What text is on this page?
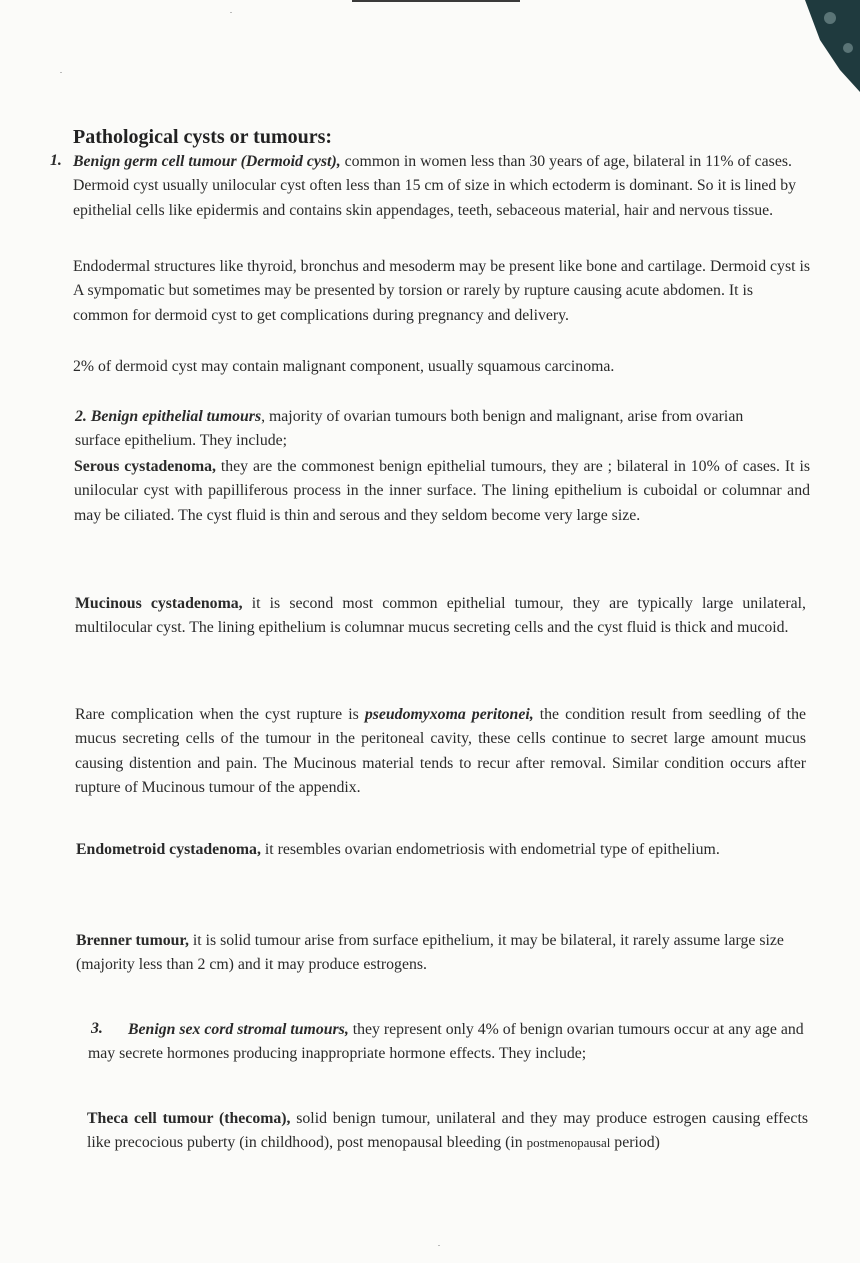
Pathological cysts or tumours:
1. Benign germ cell tumour (Dermoid cyst), common in women less than 30 years of age, bilateral in 11% of cases. Dermoid cyst usually unilocular cyst often less than 15 cm of size in which ectoderm is dominant. So it is lined by epithelial cells like epidermis and contains skin appendages, teeth, sebaceous material, hair and nervous tissue.

Endodermal structures like thyroid, bronchus and mesoderm may be present like bone and cartilage. Dermoid cyst is A sympomatic but sometimes may be presented by torsion or rarely by rupture causing acute abdomen. It is common for dermoid cyst to get complications during pregnancy and delivery.

2% of dermoid cyst may contain malignant component, usually squamous carcinoma.

2. Benign epithelial tumours, majority of ovarian tumours both benign and malignant, arise from ovarian surface epithelium. They include;

Serous cystadenoma, they are the commonest benign epithelial tumours, they are ; bilateral in 10% of cases. It is unilocular cyst with papilliferous process in the inner surface. The lining epithelium is cuboidal or columnar and may be ciliated. The cyst fluid is thin and serous and they seldom become very large size.

Mucinous cystadenoma, it is second most common epithelial tumour, they are typically large unilateral, multilocular cyst. The lining epithelium is columnar mucus secreting cells and the cyst fluid is thick and mucoid.

Rare complication when the cyst rupture is pseudomyxoma peritonei, the condition result from seedling of the mucus secreting cells of the tumour in the peritoneal cavity, these cells continue to secret large amount mucus causing distention and pain. The Mucinous material tends to recur after removal. Similar condition occurs after rupture of Mucinous tumour of the appendix.

Endometroid cystadenoma, it resembles ovarian endometriosis with endometrial type of epithelium.

Brenner tumour, it is solid tumour arise from surface epithelium, it may be bilateral, it rarely assume large size (majority less than 2 cm) and it may produce estrogens.

3.	Benign sex cord stromal tumours, they represent only 4% of benign ovarian tumours occur at any age and may secrete hormones producing inappropriate hormone effects. They include;

Theca cell tumour (thecoma), solid benign tumour, unilateral and they may produce estrogen causing effects like precocious puberty (in childhood), post menopausal bleeding (in postmenopausal period)
